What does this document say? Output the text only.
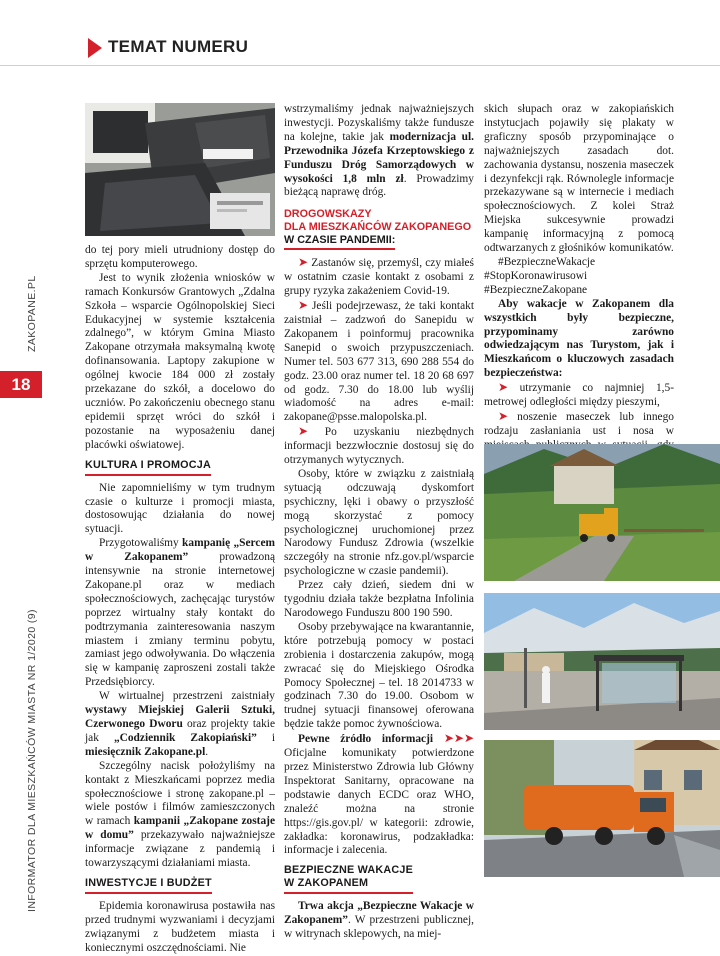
TEMAT NUMERU
ZAKOPANE.PL
18
INFORMATOR DLA MIESZKAŃCÓW MIASTA NR 1/2020 (9)

do tej pory mieli utrudniony dostęp do sprzętu komputerowego.

Jest to wynik złożenia wniosków w ramach Konkursów Grantowych „Zdalna Szkoła – wsparcie Ogólnopolskiej Sieci Edukacyjnej w systemie kształcenia zdalnego”, w którym Gmina Miasto Zakopane otrzymała maksymalną kwotę dofinansowania. Laptopy zakupione w ogólnej kwocie 184 000 zł zostały przekazane do szkół, a docelowo do uczniów. Po zakończeniu obecnego stanu epidemii sprzęt wróci do szkół i pozostanie na wyposażeniu danej placówki oświatowej.

KULTURA I PROMOCJA

Nie zapomnieliśmy w tym trudnym czasie o kulturze i promocji miasta, dostosowując działania do nowej sytuacji.

Przygotowaliśmy kampanię „Sercem w Zakopanem” prowadzoną intensywnie na stronie internetowej Zakopane.pl oraz w mediach społecznościowych, zachęcając turystów poprzez wirtualny stały kontakt do podtrzymania zainteresowania naszym miastem i zmiany terminu pobytu, zamiast jego odwoływania. Do włączenia się w kampanię zaproszeni zostali także Przedsiębiorcy.

W wirtualnej przestrzeni zaistniały wystawy Miejskiej Galerii Sztuki, Czerwonego Dworu oraz projekty takie jak „Codziennik Zakopiański” i miesięcznik Zakopane.pl.

Szczególny nacisk położyliśmy na kontakt z Mieszkańcami poprzez media społecznościowe i stronę zakopane.pl – wiele postów i filmów zamieszczonych w ramach kampanii „Zakopane zostaje w domu” przekazywało najważniejsze informacje związane z pandemią i towarzyszącymi działaniami miasta.

INWESTYCJE I BUDŻET

Epidemia koronawirusa postawiła nas przed trudnymi wyzwaniami i decyzjami związanymi z budżetem miasta i koniecznymi oszczędnościami. Nie

wstrzymaliśmy jednak najważniejszych inwestycji. Pozyskaliśmy także fundusze na kolejne, takie jak modernizacja ul. Przewodnika Józefa Krzeptowskiego z Funduszu Dróg Samorządowych w wysokości 1,8 mln zł. Prowadzimy bieżącą naprawę dróg.

DROGOWSKAZY
DLA MIESZKAŃCÓW ZAKOPANEGO
W CZASIE PANDEMII:

➤ Zastanów się, przemyśl, czy miałeś w ostatnim czasie kontakt z osobami z grupy ryzyka zakażeniem Covid-19.

➤ Jeśli podejrzewasz, że taki kontakt zaistniał – zadzwoń do Sanepidu w Zakopanem i poinformuj pracownika Sanepid o swoich przypuszczeniach. Numer tel. 503 677 313, 690 288 554 do godz. 23.00 oraz numer tel. 18 20 68 697 od godz. 7.30 do 18.00 lub wyślij wiadomość na adres e-mail: zakopane@psse.malopolska.pl.

➤ Po uzyskaniu niezbędnych informacji bezzwłocznie dostosuj się do otrzymanych wytycznych.

Osoby, które w związku z zaistniałą sytuacją odczuwają dyskomfort psychiczny, lęki i obawy o przyszłość mogą skorzystać z pomocy psychologicznej uruchomionej przez Narodowy Fundusz Zdrowia (wszelkie szczegóły na stronie nfz.gov.pl/wsparcie psychologiczne w czasie pandemii).

Przez cały dzień, siedem dni w tygodniu działa także bezpłatna Infolinia Narodowego Funduszu 800 190 590.

Osoby przebywające na kwarantannie, które potrzebują pomocy w postaci zrobienia i dostarczenia zakupów, mogą zwracać się do Miejskiego Ośrodka Pomocy Społecznej – tel. 18 2014733 w godzinach 7.30 do 19.00. Osobom w trudnej sytuacji finansowej oferowana będzie także pomoc żywnościowa.

Pewne źródło informacji ➤➤➤ Oficjalne komunikaty potwierdzone przez Ministerstwo Zdrowia lub Główny Inspektorat Sanitarny, opracowane na podstawie danych ECDC oraz WHO, znaleźć można na stronie https://gis.gov.pl/ w kategorii: zdrowie, zakładka: koronawirus, podzakładka: informacje i zalecenia.

BEZPIECZNE WAKACJE
W ZAKOPANEM

Trwa akcja „Bezpieczne Wakacje w Zakopanem”. W przestrzeni publicznej, w witrynach sklepowych, na miej-

skich słupach oraz w zakopiańskich instytucjach pojawiły się plakaty w graficzny sposób przypominające o najważniejszych zasadach dot. zachowania dystansu, noszenia maseczek i dezynfekcji rąk. Równolegle informacje przekazywane są w internecie i mediach społecznościowych. Z kolei Straż Miejska sukcesywnie prowadzi kampanię informacyjną z pomocą odtwarzanych z głośników komunikatów.

#BezpieczneWakacje #StopKoronawirusowi #BezpieczneZakopane

Aby wakacje w Zakopanem dla wszystkich były bezpieczne, przypominamy zarówno odwiedzającym nas Turystom, jak i Mieszkańcom o kluczowych zasadach bezpieczeństwa:

➤ utrzymanie co najmniej 1,5-metrowej odległości między pieszymi,

➤ noszenie maseczek lub innego rodzaju zasłaniania ust i nosa w
